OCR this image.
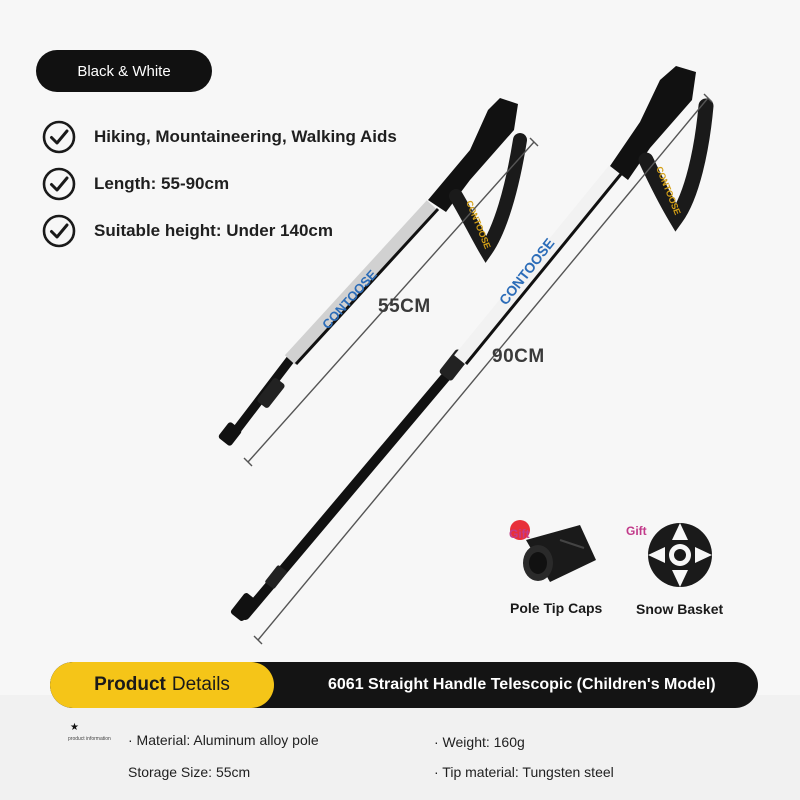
Black & White
Hiking, Mountaineering, Walking Aids
Length: 55-90cm
Suitable height: Under 140cm
CONTOOSE
CONTOOSE
CONTOOSE
CONTOOSE
55CM
90CM
Gift	Gift
Pole Tip Caps Snow Basket
Product Details	6061 Straight Handle Telescopic (Children's Model)
★
product information · Material: Aluminum alloy pole
Storage Size: 55cm
· Weight: 160g
· Tip material: Tungsten steel
